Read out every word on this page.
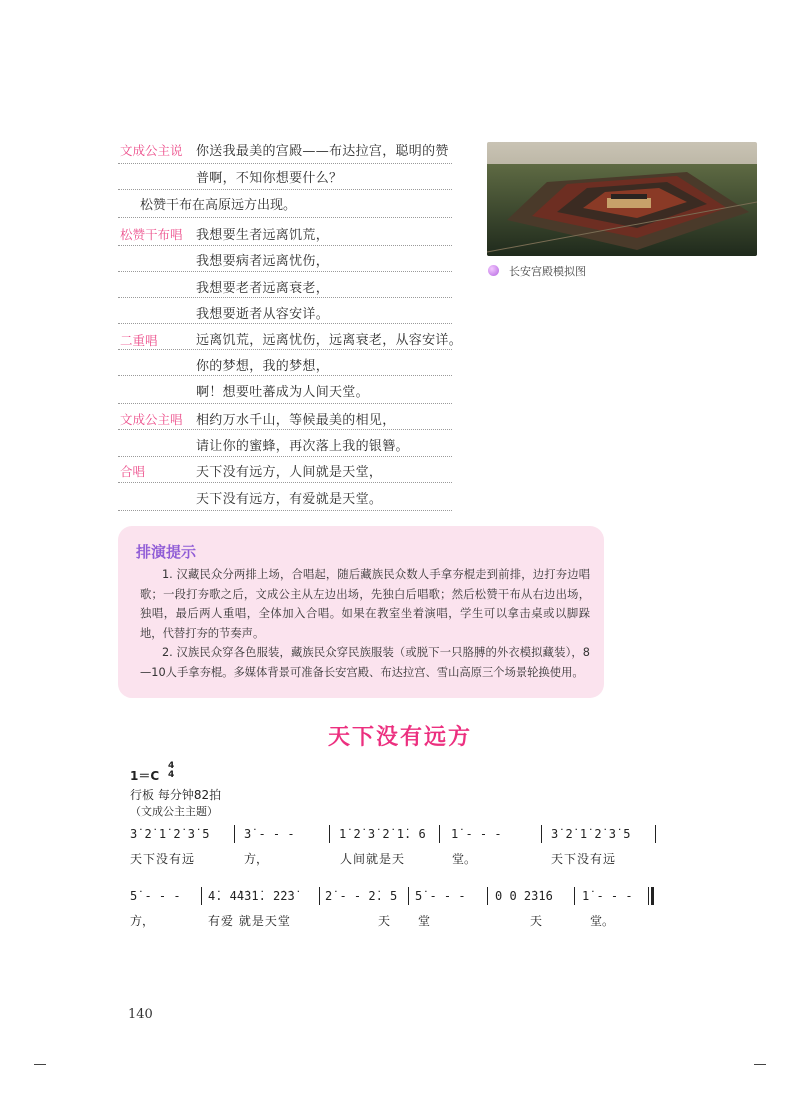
文成公主说 你送我最美的宫殿——布达拉宫，聪明的赞
普啊，不知你想要什么？
松赞干布在高原远方出现。
松赞干布唱 我想要生者远离饥荒，
我想要病者远离忧伤，
我想要老者远离衰老，
我想要逝者从容安详。
二重唱	远离饥荒，远离忧伤，远离衰老，从容安详。
你的梦想，我的梦想，
啊！想要吐蕃成为人间天堂。
文成公主唱 相约万水千山，等候最美的相见，
请让你的蜜蜂，再次落上我的银簪。
合唱	天下没有远方，人间就是天堂，
天下没有远方，有爱就是天堂。
长安宫殿模拟图
排演提示
1. 汉藏民众分两排上场，合唱起，随后藏族民众数人手拿夯棍走到前排，边打夯边唱歌；一段打夯歌之后，文成公主从左边出场，先独白后唱歌；然后松赞干布从右边出场，独唱，最后两人重唱，全体加入合唱。如果在教室坐着演唱，学生可以拿击桌或以脚跺地，代替打夯的节奏声。
2. 汉族民众穿各色服装，藏族民众穿民族服装（或脱下一只胳膊的外衣模拟藏装），8—10人手拿夯棍。多媒体背景可准备长安宫殿、布达拉宫、雪山高原三个场景轮换使用。
天下没有远方
1＝C
4
4
行板 每分钟82拍
（文成公主主题）
3̇ 2̇ 1̇ 2̇ 3̇ 5	3̇ - - -	1̇ 2̇ 3̇ 2̇ 1̇. 6 1̇ - - -	3̇ 2̇ 1̇ 2̇ 3̇ 5
天下没有远	方，	人间就是天	堂。	天下没有远
5̇ - - - 4̇. 4̇4̇3̇1̇. 2̇2̇3̇	2̇ - - 2̇. 5 5̇ - - - 0 0 2̇3̇1̇6 1̇ - - -
方，	有爱 就是天堂	天 堂	天	堂。
140
